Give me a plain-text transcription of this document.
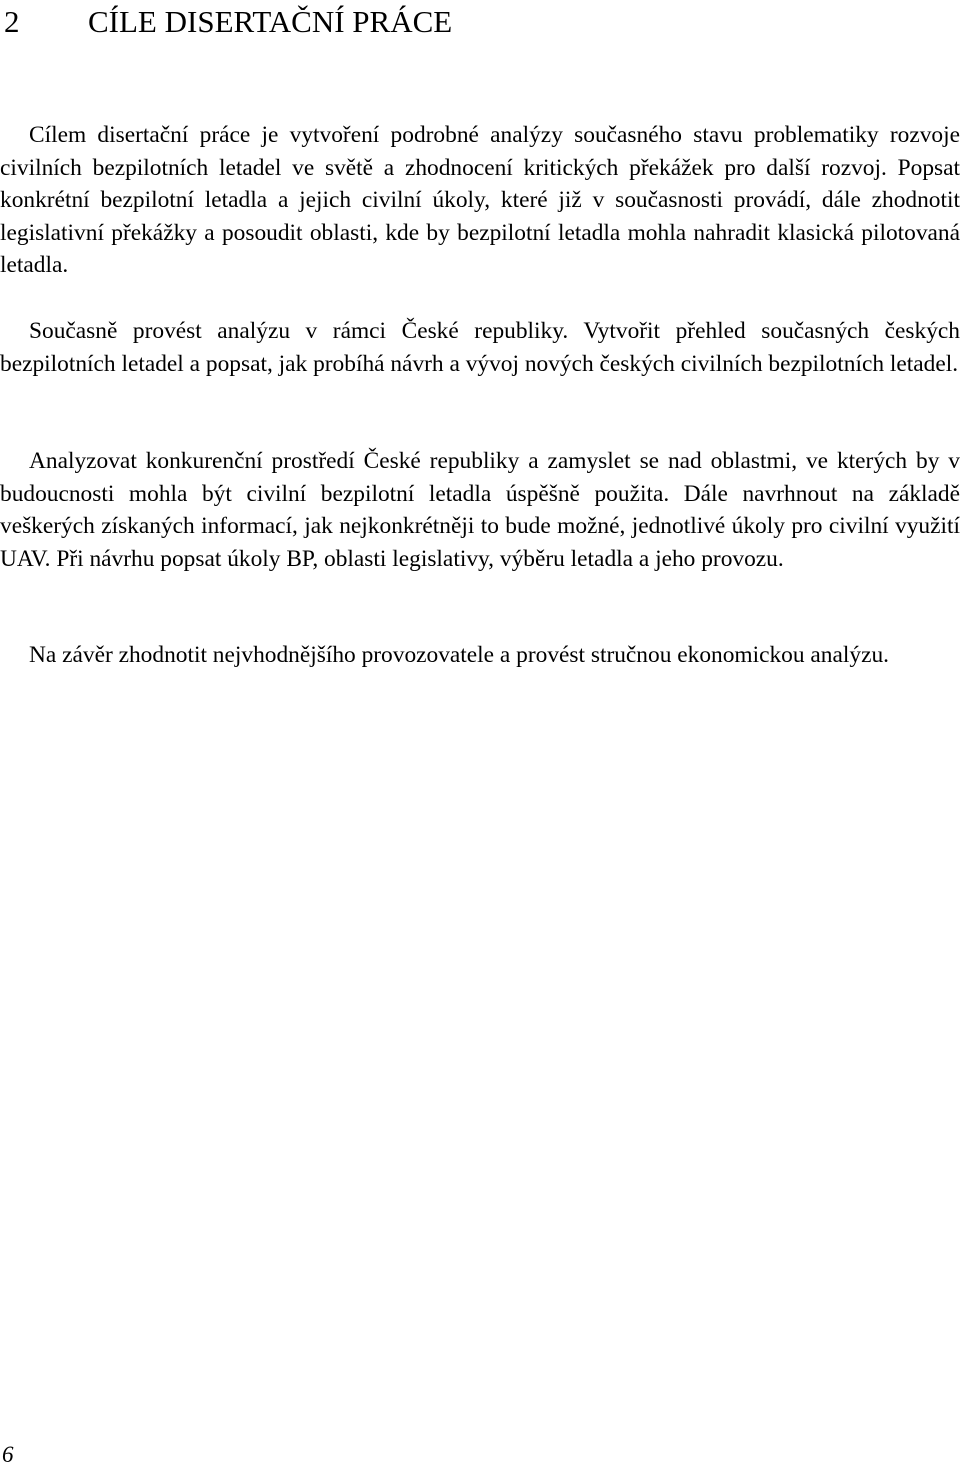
2 CÍLE DISERTAČNÍ PRÁCE

Cílem disertační práce je vytvoření podrobné analýzy současného stavu problematiky rozvoje civilních bezpilotních letadel ve světě a zhodnocení kritických překážek pro další rozvoj. Popsat konkrétní bezpilotní letadla a jejich civilní úkoly, které již v současnosti provádí, dále zhodnotit legislativní překážky a posoudit oblasti, kde by bezpilotní letadla mohla nahradit klasická pilotovaná letadla.

Současně provést analýzu v rámci České republiky. Vytvořit přehled současných českých bezpilotních letadel a popsat, jak probíhá návrh a vývoj nových českých civilních bezpilotních letadel.

Analyzovat konkurenční prostředí České republiky a zamyslet se nad oblastmi, ve kterých by v budoucnosti mohla být civilní bezpilotní letadla úspěšně použita. Dále navrhnout na základě veškerých získaných informací, jak nejkonkrétněji to bude možné, jednotlivé úkoly pro civilní využití UAV. Při návrhu popsat úkoly BP, oblasti legislativy, výběru letadla a jeho provozu.

Na závěr zhodnotit nejvhodnějšího provozovatele a provést stručnou ekonomickou analýzu.

6
